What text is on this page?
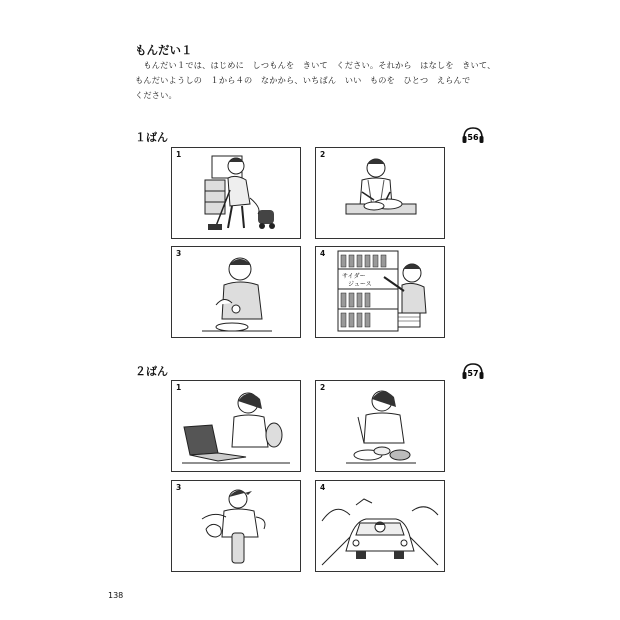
もんだい１
　もんだい１では、はじめに　しつもんを　きいて　ください。それから　はなしを　きいて、
もんだいようしの　１から４の　なかから、いちばん　いい　ものを　ひとつ　えらんで
ください。
１ばん	56
1	2
3	4
サイダー
ジュース
２ばん	57
1	2
3	4
138
